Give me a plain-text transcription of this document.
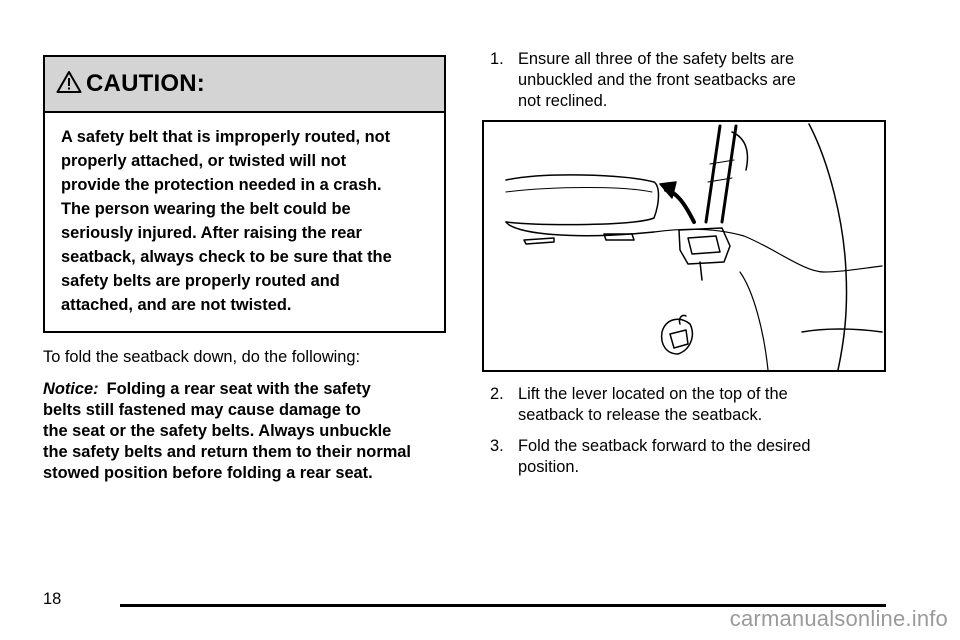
CAUTION:
A safety belt that is improperly routed, not
properly attached, or twisted will not
provide the protection needed in a crash.
The person wearing the belt could be
seriously injured. After raising the rear
seatback, always check to be sure that the
safety belts are properly routed and
attached, and are not twisted.

To fold the seatback down, do the following:

Notice: Folding a rear seat with the safety
belts still fastened may cause damage to
the seat or the safety belts. Always unbuckle
the safety belts and return them to their normal
stowed position before folding a rear seat.
1. Ensure all three of the safety belts are
unbuckled and the front seatbacks are
not reclined.
2. Lift the lever located on the top of the
seatback to release the seatback.
3. Fold the seatback forward to the desired
position.
18
carmanualsonline.info
